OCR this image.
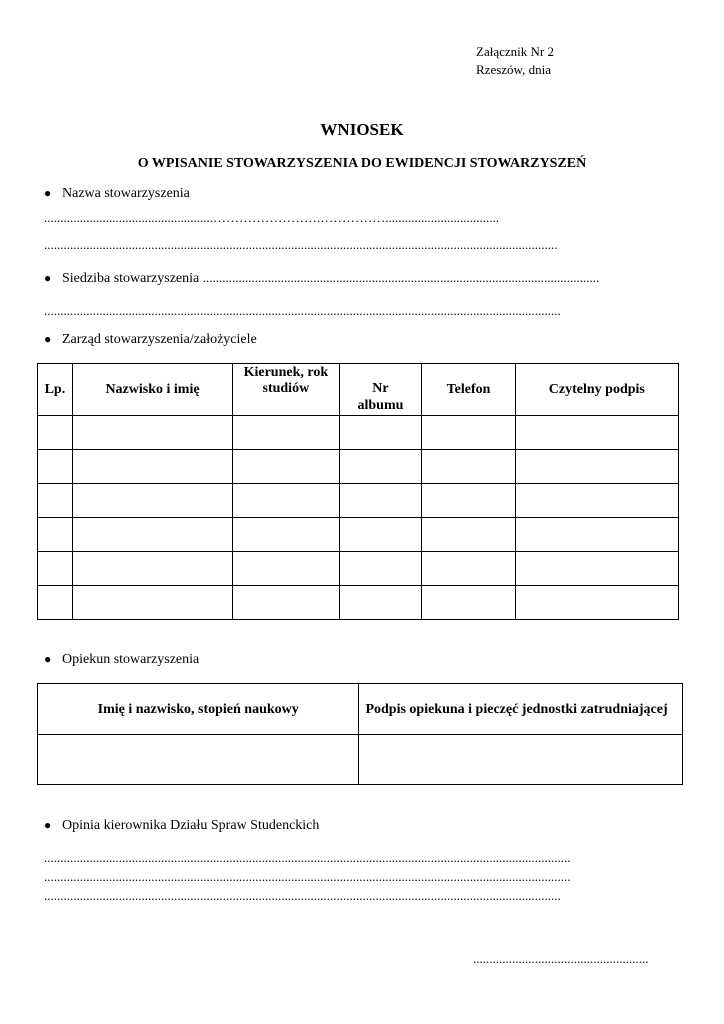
Załącznik Nr 2
Rzeszów, dnia
WNIOSEK
O WPISANIE STOWARZYSZENIA DO EWIDENCJI STOWARZYSZEŃ
● Nazwa stowarzyszenia
....................................................…………………….……………...................................
..............................................................................................................................................................
● Siedziba stowarzyszenia ..........................................................................................................................
...............................................................................................................................................................
● Zarząd stowarzyszenia/założyciele
Lp.	Nazwisko i imię	Kierunek, rok studiów	Nr albumu	Telefon	Czytelny podpis

● Opiekun stowarzyszenia
Imię i nazwisko, stopień naukowy	Podpis opiekuna i pieczęć jednostki zatrudniającej

● Opinia kierownika Działu Spraw Studenckich
..................................................................................................................................................................
..................................................................................................................................................................
...............................................................................................................................................................
......................................................
